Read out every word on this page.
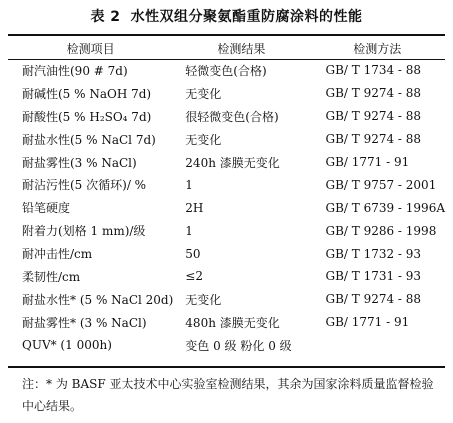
表 2 水性双组分聚氨酯重防腐涂料的性能
检测项目	检测结果	检测方法
耐汽油性(90 # 7d)	轻微变色(合格)	GB/ T 1734 - 88
耐碱性(5 % NaOH 7d)	无变化	GB/ T 9274 - 88
耐酸性(5 % H₂SO₄ 7d)	很轻微变色(合格)	GB/ T 9274 - 88
耐盐水性(5 % NaCl 7d)	无变化	GB/ T 9274 - 88
耐盐雾性(3 % NaCl)	240h 漆膜无变化	GB/ 1771 - 91
耐沾污性(5 次循环)/ %	1	GB/ T 9757 - 2001
铅笔硬度	2H	GB/ T 6739 - 1996A
附着力(划格 1 mm)/级	1	GB/ T 9286 - 1998
耐冲击性/cm	50	GB/ T 1732 - 93
柔韧性/cm	≤2	GB/ T 1731 - 93
耐盐水性* (5 % NaCl 20d)	无变化	GB/ T 9274 - 88
耐盐雾性* (3 % NaCl)	480h 漆膜无变化	GB/ 1771 - 91
QUV* (1 000h)	变色 0 级 粉化 0 级	
注：* 为 BASF 亚太技术中心实验室检测结果，其余为国家涂料质量监督检验中心结果。
